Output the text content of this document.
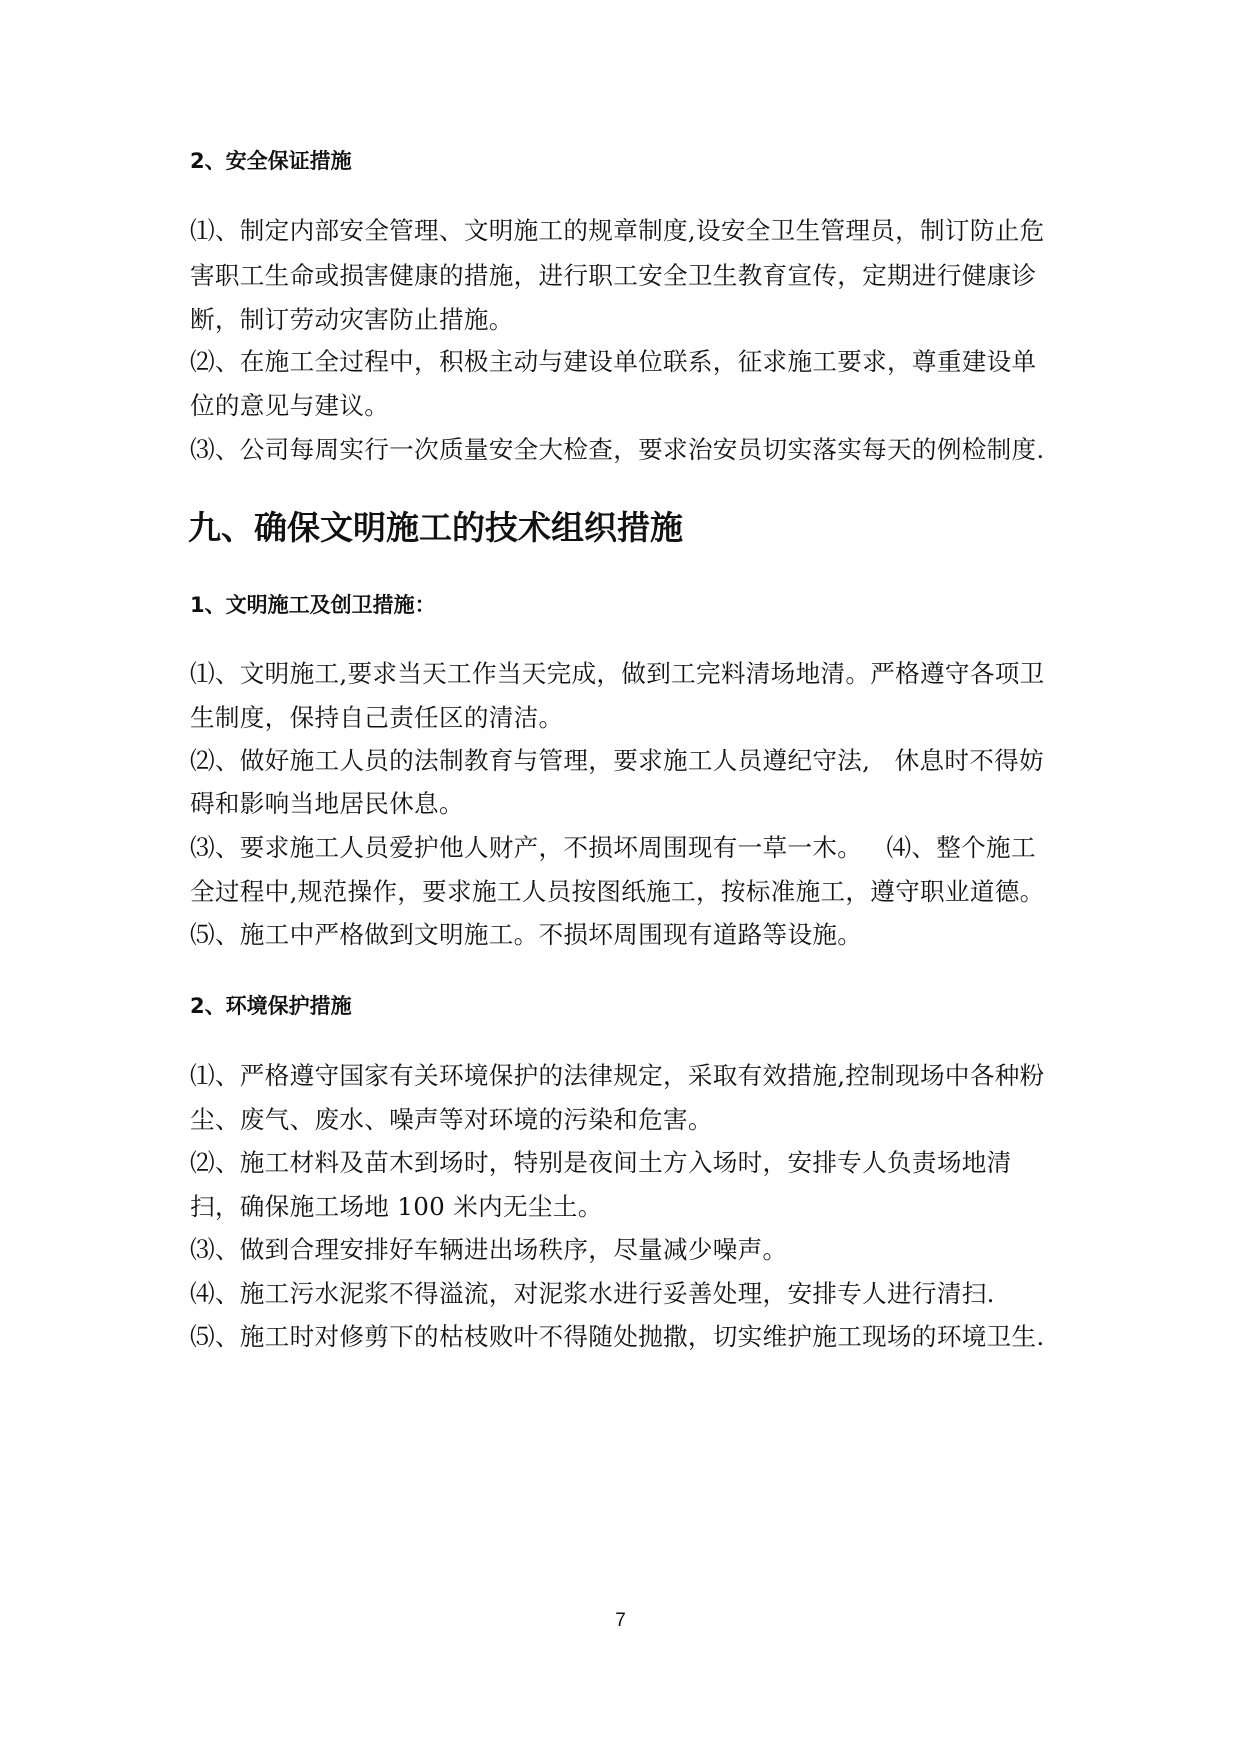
2、安全保证措施
⑴、制定内部安全管理、文明施工的规章制度,设安全卫生管理员，制订防止危
害职工生命或损害健康的措施，进行职工安全卫生教育宣传，定期进行健康诊
断，制订劳动灾害防止措施。
⑵、在施工全过程中，积极主动与建设单位联系，征求施工要求，尊重建设单
位的意见与建议。
⑶、公司每周实行一次质量安全大检查，要求治安员切实落实每天的例检制度.
九、确保文明施工的技术组织措施
1、文明施工及创卫措施：
⑴、文明施工,要求当天工作当天完成，做到工完料清场地清。严格遵守各项卫
生制度，保持自己责任区的清洁。
⑵、做好施工人员的法制教育与管理，要求施工人员遵纪守法,   休息时不得妨
碍和影响当地居民休息。
⑶、要求施工人员爱护他人财产，不损坏周围现有一草一木。   ⑷、整个施工
全过程中,规范操作，要求施工人员按图纸施工，按标准施工，遵守职业道德。
⑸、施工中严格做到文明施工。不损坏周围现有道路等设施。
2、环境保护措施
⑴、严格遵守国家有关环境保护的法律规定，采取有效措施,控制现场中各种粉
尘、废气、废水、噪声等对环境的污染和危害。
⑵、施工材料及苗木到场时，特别是夜间土方入场时，安排专人负责场地清
扫，确保施工场地 100 米内无尘土。
⑶、做到合理安排好车辆进出场秩序，尽量减少噪声。
⑷、施工污水泥浆不得溢流，对泥浆水进行妥善处理，安排专人进行清扫.
⑸、施工时对修剪下的枯枝败叶不得随处抛撒，切实维护施工现场的环境卫生.
7
